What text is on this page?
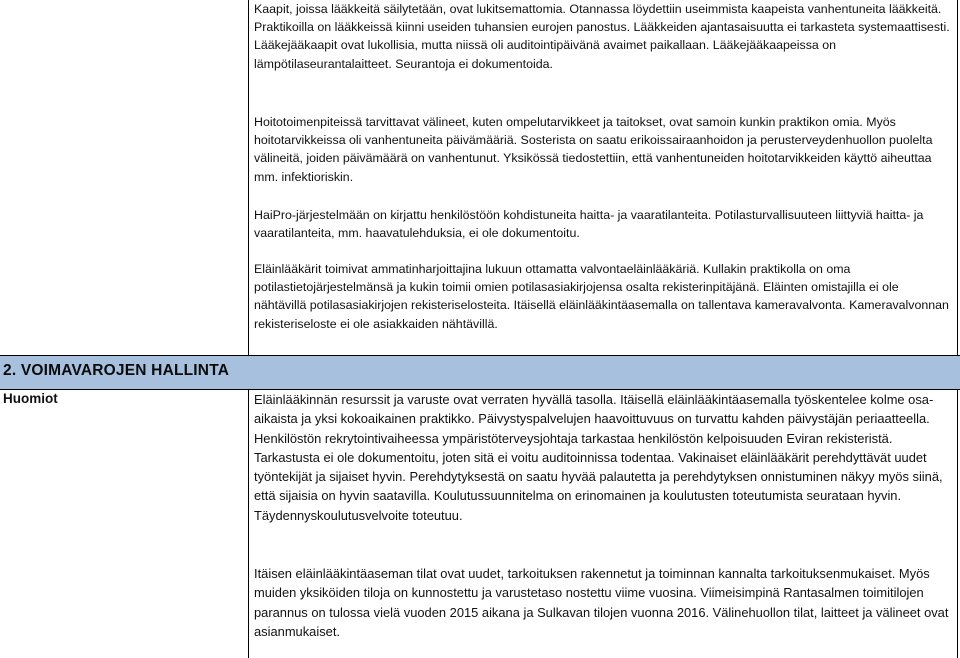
Kaapit, joissa lääkkeitä säilytetään, ovat lukitsemattomia. Otannassa löydettiin useimmista kaapeista vanhentuneita lääkkeitä. Praktikoilla on lääkkeissä kiinni useiden tuhansien eurojen panostus. Lääkkeiden ajantasaisuutta ei tarkasteta systemaattisesti. Lääkejääkaapit ovat lukollisia, mutta niissä oli auditointipäivänä avaimet paikallaan. Lääkejääkaapeissa on lämpötilaseurantalaitteet. Seurantoja ei dokumentoida.

Hoitotoimenpiteissä tarvittavat välineet, kuten ompelutarvikkeet ja taitokset, ovat samoin kunkin praktikon omia. Myös hoitotarvikkeissa oli vanhentuneita päivämääriä. Sosterista on saatu erikoissairaanhoidon ja perusterveydenhuollon puolelta välineitä, joiden päivämäärä on vanhentunut. Yksikössä tiedostettiin, että vanhentuneiden hoitotarvikkeiden käyttö aiheuttaa mm. infektioriskin.

HaiPro-järjestelmään on kirjattu henkilöstöön kohdistuneita haitta- ja vaaratilanteita. Potilasturvallisuuteen liittyviä haitta- ja vaaratilanteita, mm. haavatulehduksia, ei ole dokumentoitu.

Eläinlääkärit toimivat ammatinharjoittajina lukuun ottamatta valvontaeläinlääkäriä. Kullakin praktikolla on oma potilastietojärjestelmänsä ja kukin toimii omien potilasasiakirjojensa osalta rekisterinpitäjänä. Eläinten omistajilla ei ole nähtävillä potilasasiakirjojen rekisteriselosteita. Itäisellä eläinlääkintäasemalla on tallentava kameravalvonta. Kameravalvonnan rekisteriseloste ei ole asiakkaiden nähtävillä.

2. VOIMAVAROJEN HALLINTA
Huomiot	Eläinlääkinnän resurssit ja varuste ovat verraten hyvällä tasolla. Itäisellä eläinlääkintäasemalla työskentelee kolme osa-aikaista ja yksi kokoaikainen praktikko. Päivystyspalvelujen haavoittuvuus on turvattu kahden päivystäjän periaatteella. Henkilöstön rekrytointivaiheessa ympäristöterveysjohtaja tarkastaa henkilöstön kelpoisuuden Eviran rekisteristä. Tarkastusta ei ole dokumentoitu, joten sitä ei voitu auditoinnissa todentaa. Vakinaiset eläinlääkärit perehdyttävät uudet työntekijät ja sijaiset hyvin. Perehdytyksestä on saatu hyvää palautetta ja perehdytyksen onnistuminen näkyy myös siinä, että sijaisia on hyvin saatavilla. Koulutussuunnitelma on erinomainen ja koulutusten toteutumista seurataan hyvin. Täydennyskoulutusvelvoite toteutuu.

Itäisen eläinlääkintäaseman tilat ovat uudet, tarkoituksen rakennetut ja toiminnan kannalta tarkoituksenmukaiset. Myös muiden yksiköiden tiloja on kunnostettu ja varustetaso nostettu viime vuosina. Viimeisimpinä Rantasalmen toimitilojen parannus on tulossa vielä vuoden 2015 aikana ja Sulkavan tilojen vuonna 2016. Välinehuollon tilat, laitteet ja välineet ovat asianmukaiset.
